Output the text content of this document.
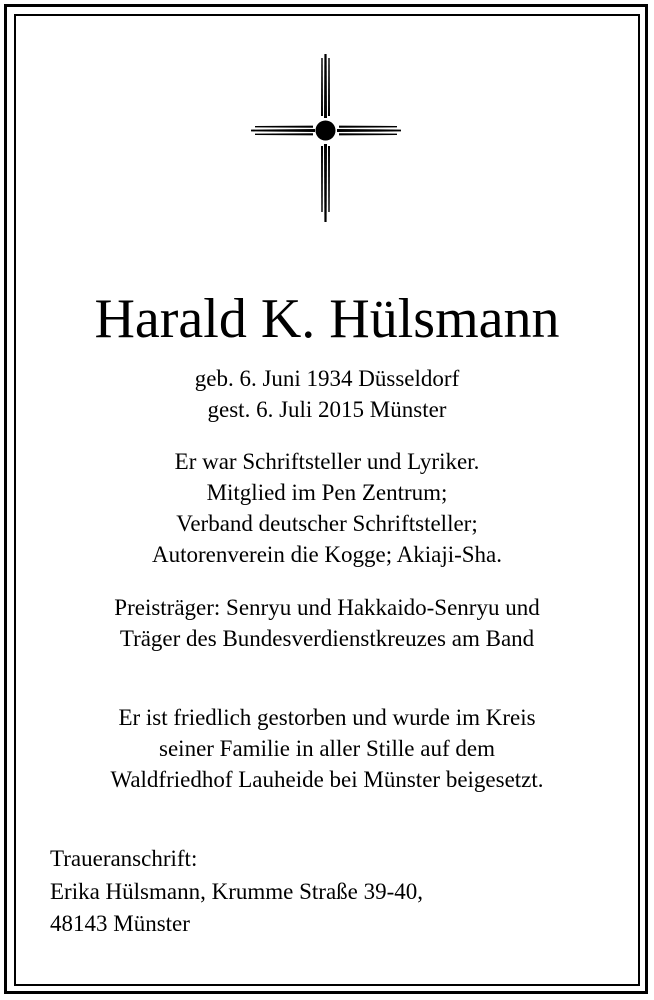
Harald K. Hülsmann
geb. 6. Juni 1934 Düsseldorf
gest. 6. Juli 2015 Münster
Er war Schriftsteller und Lyriker.
Mitglied im Pen Zentrum;
Verband deutscher Schriftsteller;
Autorenverein die Kogge; Akiaji-Sha.
Preisträger: Senryu und Hakkaido-Senryu und
Träger des Bundesverdienstkreuzes am Band
Er ist friedlich gestorben und wurde im Kreis
seiner Familie in aller Stille auf dem
Waldfriedhof Lauheide bei Münster beigesetzt.
Traueranschrift:
Erika Hülsmann, Krumme Straße 39-40,
48143 Münster
